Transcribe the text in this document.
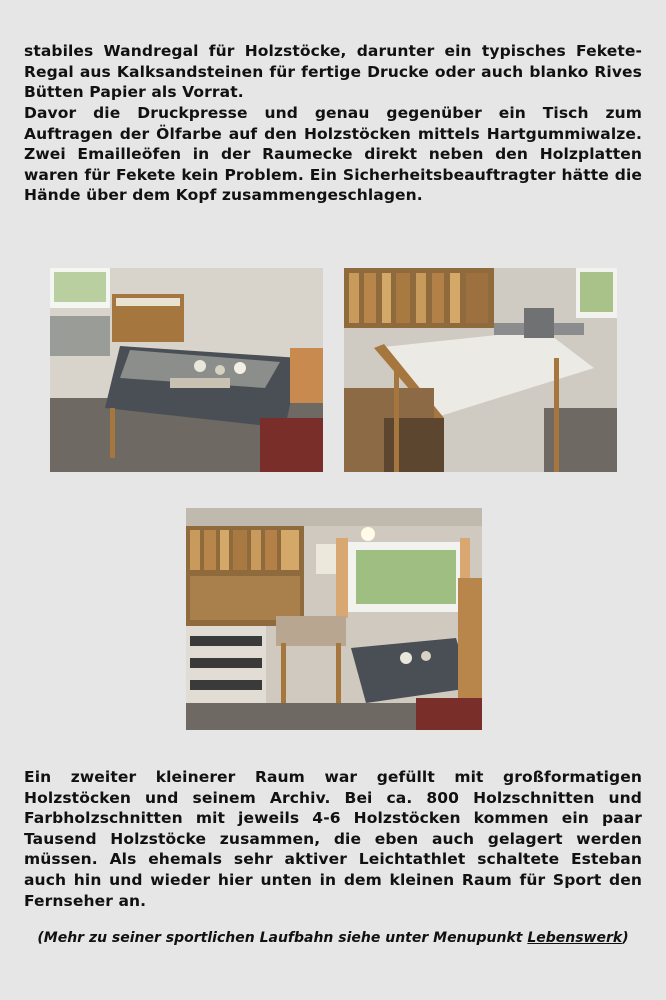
stabiles Wandregal für Holzstöcke, darunter ein typisches Fekete-Regal aus Kalksandsteinen für fertige Drucke oder auch blanko Rives Bütten Papier als Vorrat.

Davor die Druckpresse und genau gegenüber ein Tisch zum Auftragen der Ölfarbe auf den Holzstöcken mittels Hartgummiwalze. Zwei Emailleöfen in der Raumecke direkt neben den Holzplatten waren für Fekete kein Problem. Ein Sicherheitsbeauftragter hätte die Hände über dem Kopf zusammengeschlagen.

Ein zweiter kleinerer Raum war gefüllt mit großformatigen Holzstöcken und seinem Archiv. Bei ca. 800 Holzschnitten und Farbholzschnitten mit jeweils 4-6 Holzstöcken kommen ein paar Tausend Holzstöcke zusammen, die eben auch gelagert werden müssen. Als ehemals sehr aktiver Leichtathlet schaltete Esteban auch hin und wieder hier unten in dem kleinen Raum für Sport den Fernseher an.

(Mehr zu seiner sportlichen Laufbahn siehe unter Menupunkt Lebenswerk)
